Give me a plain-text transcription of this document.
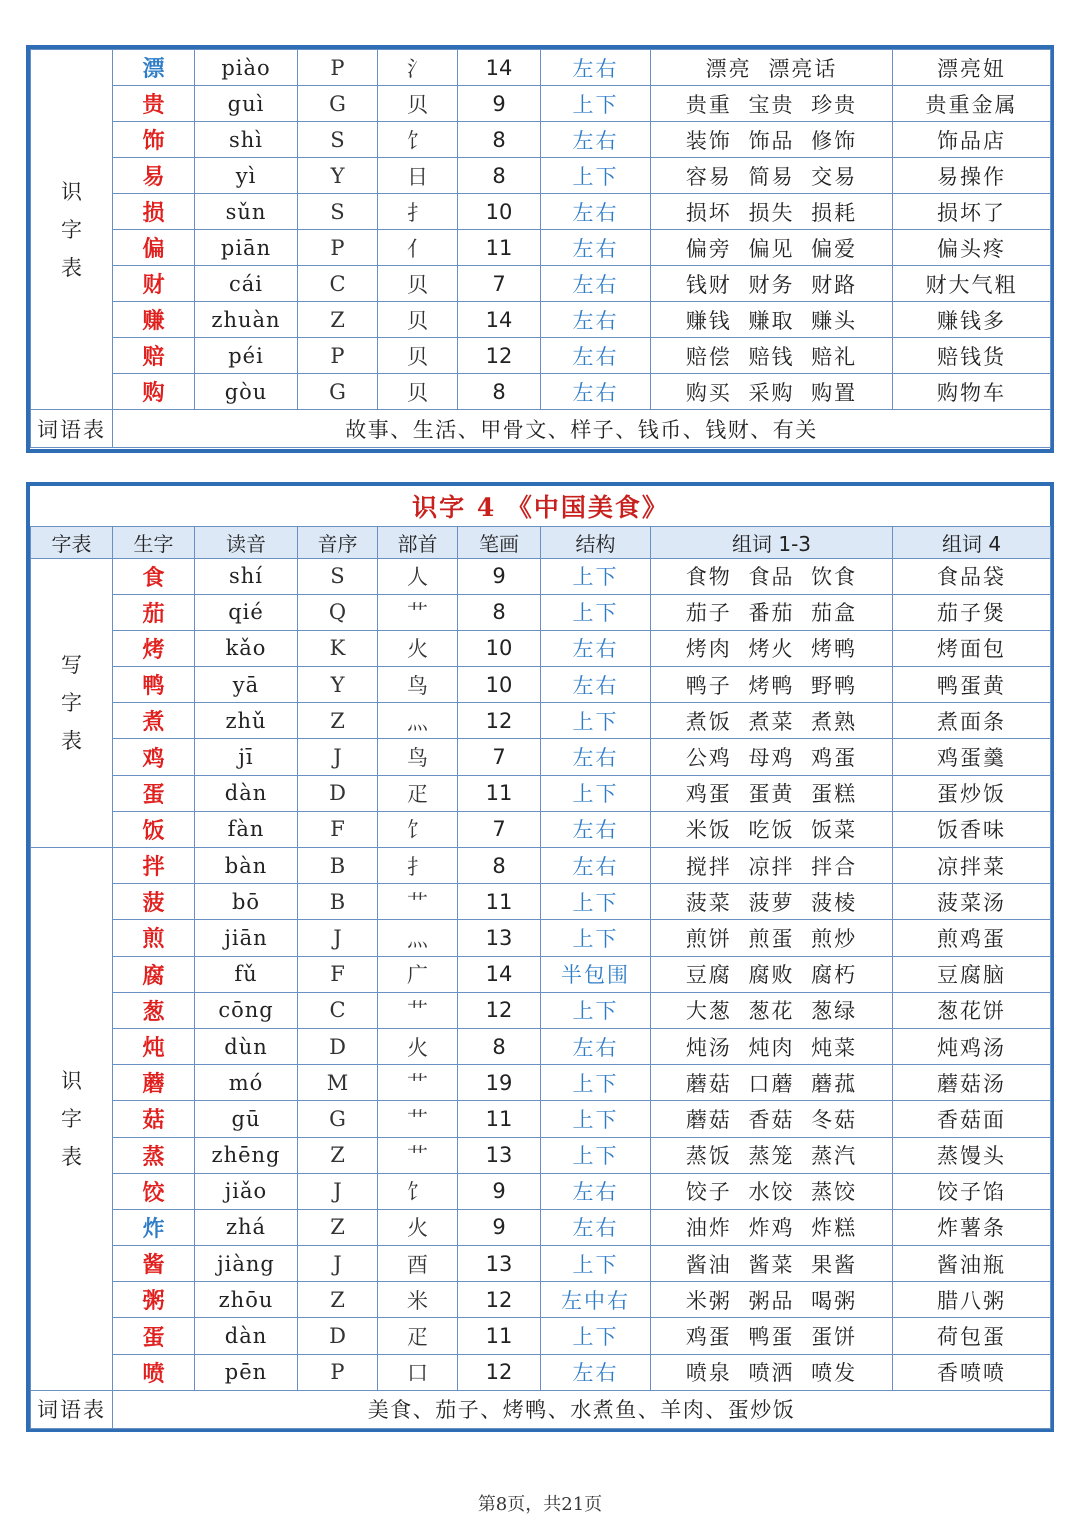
识
字
表	漂	piào	P	氵	14	左右	漂亮 漂亮话	漂亮妞
	贵	guì	G	贝	9	上下	贵重 宝贵 珍贵	贵重金属
	饰	shì	S	饣	8	左右	装饰 饰品 修饰	饰品店
	易	yì	Y	日	8	上下	容易 简易 交易	易操作
	损	sǔn	S	扌	10	左右	损坏 损失 损耗	损坏了
	偏	piān	P	亻	11	左右	偏旁 偏见 偏爱	偏头疼
	财	cái	C	贝	7	左右	钱财 财务 财路	财大气粗
	赚	zhuàn	Z	贝	14	左右	赚钱 赚取 赚头	赚钱多
	赔	péi	P	贝	12	左右	赔偿 赔钱 赔礼	赔钱货
	购	gòu	G	贝	8	左右	购买 采购 购置	购物车
词语表	故事、生活、甲骨文、样子、钱币、钱财、有关							
识字 4 《中国美食》								
字表	生字	读音	音序	部首	笔画	结构	组词 1-3	组词 4

写
字
表	食	shí	S	人	9	上下	食物 食品 饮食	食品袋
	茄	qié	Q	艹	8	上下	茄子 番茄 茄盒	茄子煲
	烤	kǎo	K	火	10	左右	烤肉 烤火 烤鸭	烤面包
	鸭	yā	Y	鸟	10	左右	鸭子 烤鸭 野鸭	鸭蛋黄
	煮	zhǔ	Z	灬	12	上下	煮饭 煮菜 煮熟	煮面条
	鸡	jī	J	鸟	7	左右	公鸡 母鸡 鸡蛋	鸡蛋羹
	蛋	dàn	D	疋	11	上下	鸡蛋 蛋黄 蛋糕	蛋炒饭
	饭	fàn	F	饣	7	左右	米饭 吃饭 饭菜	饭香味

识
字
表	拌	bàn	B	扌	8	左右	搅拌 凉拌 拌合	凉拌菜
	菠	bō	B	艹	11	上下	菠菜 菠萝 菠棱	菠菜汤
	煎	jiān	J	灬	13	上下	煎饼 煎蛋 煎炒	煎鸡蛋
	腐	fǔ	F	广	14	半包围	豆腐 腐败 腐朽	豆腐脑
	葱	cōng	C	艹	12	上下	大葱 葱花 葱绿	葱花饼
	炖	dùn	D	火	8	左右	炖汤 炖肉 炖菜	炖鸡汤
	蘑	mó	M	艹	19	上下	蘑菇 口蘑 蘑菰	蘑菇汤
	菇	gū	G	艹	11	上下	蘑菇 香菇 冬菇	香菇面
	蒸	zhēng	Z	艹	13	上下	蒸饭 蒸笼 蒸汽	蒸馒头
	饺	jiǎo	J	饣	9	左右	饺子 水饺 蒸饺	饺子馅
	炸	zhá	Z	火	9	左右	油炸 炸鸡 炸糕	炸薯条
	酱	jiàng	J	酉	13	上下	酱油 酱菜 果酱	酱油瓶
	粥	zhōu	Z	米	12	左中右	米粥 粥品 喝粥	腊八粥
	蛋	dàn	D	疋	11	上下	鸡蛋 鸭蛋 蛋饼	荷包蛋
	喷	pēn	P	口	12	左右	喷泉 喷洒 喷发	香喷喷
词语表	美食、茄子、烤鸭、水煮鱼、羊肉、蛋炒饭							
第8页，共21页
